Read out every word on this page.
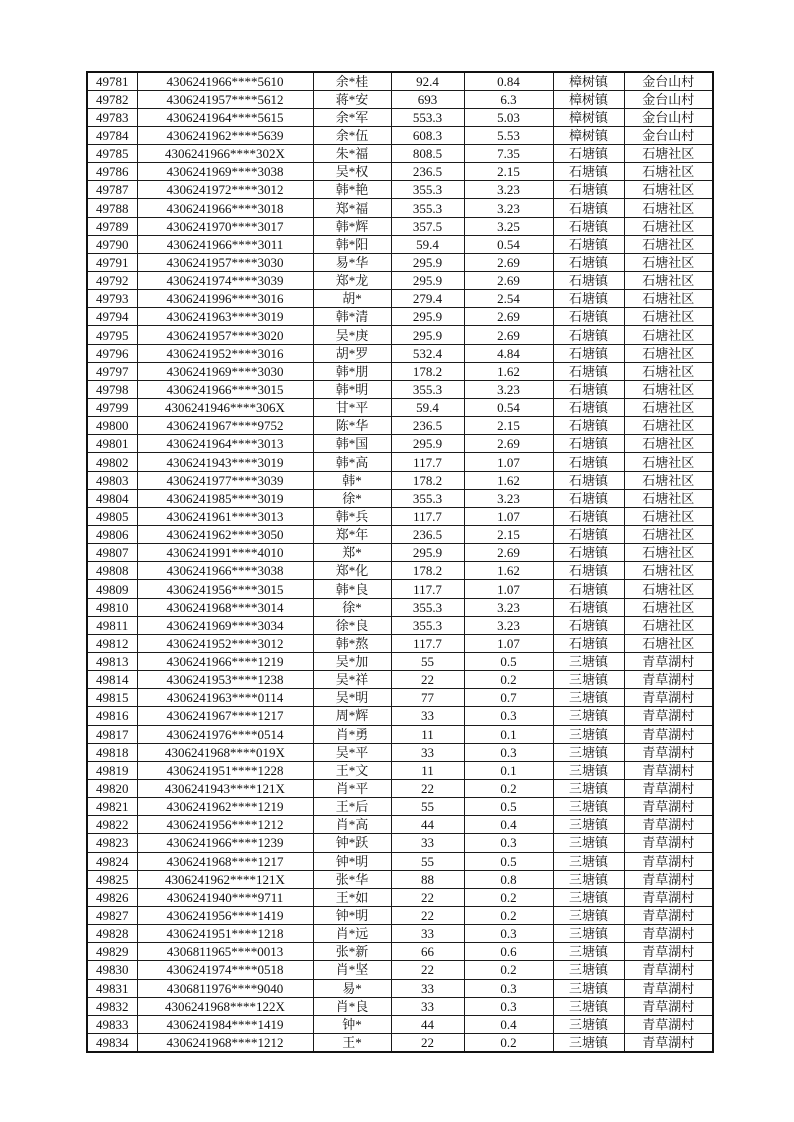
49781	4306241966****5610	余*桂	92.4	0.84	樟树镇	金台山村
49782	4306241957****5612	蒋*安	693	6.3	樟树镇	金台山村
49783	4306241964****5615	余*军	553.3	5.03	樟树镇	金台山村
49784	4306241962****5639	余*伍	608.3	5.53	樟树镇	金台山村
49785	4306241966****302X	朱*福	808.5	7.35	石塘镇	石塘社区
49786	4306241969****3038	吴*权	236.5	2.15	石塘镇	石塘社区
49787	4306241972****3012	韩*艳	355.3	3.23	石塘镇	石塘社区
49788	4306241966****3018	郑*福	355.3	3.23	石塘镇	石塘社区
49789	4306241970****3017	韩*辉	357.5	3.25	石塘镇	石塘社区
49790	4306241966****3011	韩*阳	59.4	0.54	石塘镇	石塘社区
49791	4306241957****3030	易*华	295.9	2.69	石塘镇	石塘社区
49792	4306241974****3039	郑*龙	295.9	2.69	石塘镇	石塘社区
49793	4306241996****3016	胡*	279.4	2.54	石塘镇	石塘社区
49794	4306241963****3019	韩*清	295.9	2.69	石塘镇	石塘社区
49795	4306241957****3020	吴*庚	295.9	2.69	石塘镇	石塘社区
49796	4306241952****3016	胡*罗	532.4	4.84	石塘镇	石塘社区
49797	4306241969****3030	韩*朋	178.2	1.62	石塘镇	石塘社区
49798	4306241966****3015	韩*明	355.3	3.23	石塘镇	石塘社区
49799	4306241946****306X	甘*平	59.4	0.54	石塘镇	石塘社区
49800	4306241967****9752	陈*华	236.5	2.15	石塘镇	石塘社区
49801	4306241964****3013	韩*国	295.9	2.69	石塘镇	石塘社区
49802	4306241943****3019	韩*高	117.7	1.07	石塘镇	石塘社区
49803	4306241977****3039	韩*	178.2	1.62	石塘镇	石塘社区
49804	4306241985****3019	徐*	355.3	3.23	石塘镇	石塘社区
49805	4306241961****3013	韩*兵	117.7	1.07	石塘镇	石塘社区
49806	4306241962****3050	郑*年	236.5	2.15	石塘镇	石塘社区
49807	4306241991****4010	郑*	295.9	2.69	石塘镇	石塘社区
49808	4306241966****3038	郑*化	178.2	1.62	石塘镇	石塘社区
49809	4306241956****3015	韩*良	117.7	1.07	石塘镇	石塘社区
49810	4306241968****3014	徐*	355.3	3.23	石塘镇	石塘社区
49811	4306241969****3034	徐*良	355.3	3.23	石塘镇	石塘社区
49812	4306241952****3012	韩*熬	117.7	1.07	石塘镇	石塘社区
49813	4306241966****1219	吴*加	55	0.5	三塘镇	青草湖村
49814	4306241953****1238	吴*祥	22	0.2	三塘镇	青草湖村
49815	4306241963****0114	吴*明	77	0.7	三塘镇	青草湖村
49816	4306241967****1217	周*辉	33	0.3	三塘镇	青草湖村
49817	4306241976****0514	肖*勇	11	0.1	三塘镇	青草湖村
49818	4306241968****019X	吴*平	33	0.3	三塘镇	青草湖村
49819	4306241951****1228	王*文	11	0.1	三塘镇	青草湖村
49820	4306241943****121X	肖*平	22	0.2	三塘镇	青草湖村
49821	4306241962****1219	王*后	55	0.5	三塘镇	青草湖村
49822	4306241956****1212	肖*高	44	0.4	三塘镇	青草湖村
49823	4306241966****1239	钟*跃	33	0.3	三塘镇	青草湖村
49824	4306241968****1217	钟*明	55	0.5	三塘镇	青草湖村
49825	4306241962****121X	张*华	88	0.8	三塘镇	青草湖村
49826	4306241940****9711	王*如	22	0.2	三塘镇	青草湖村
49827	4306241956****1419	钟*明	22	0.2	三塘镇	青草湖村
49828	4306241951****1218	肖*远	33	0.3	三塘镇	青草湖村
49829	4306811965****0013	张*新	66	0.6	三塘镇	青草湖村
49830	4306241974****0518	肖*坚	22	0.2	三塘镇	青草湖村
49831	4306811976****9040	易*	33	0.3	三塘镇	青草湖村
49832	4306241968****122X	肖*良	33	0.3	三塘镇	青草湖村
49833	4306241984****1419	钟*	44	0.4	三塘镇	青草湖村
49834	4306241968****1212	王*	22	0.2	三塘镇	青草湖村
